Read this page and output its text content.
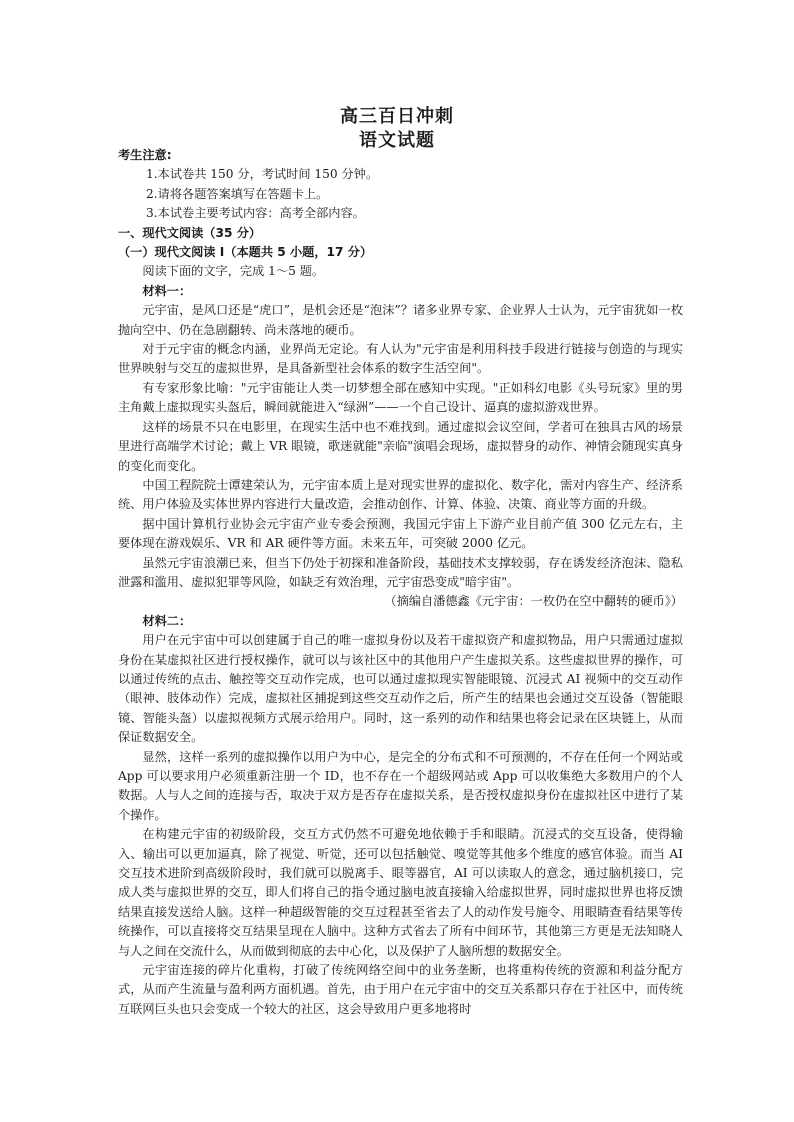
高三百日冲刺
语文试题

考生注意:

1.本试卷共 150 分，考试时间 150 分钟。

2.请将各题答案填写在答题卡上。

3.本试卷主要考试内容：高考全部内容。

一、现代文阅读（35 分）

（一）现代文阅读 I（本题共 5 小题，17 分）

阅读下面的文字，完成 1～5 题。

材料一：

元宇宙，是风口还是“虎口”，是机会还是“泡沫”？诸多业界专家、企业界人士认为，元宇宙犹如一枚抛向空中、仍在急剧翻转、尚未落地的硬币。

对于元宇宙的概念内涵，业界尚无定论。有人认为"元宇宙是利用科技手段进行链接与创造的与现实世界映射与交互的虚拟世界，是具备新型社会体系的数字生活空间"。

有专家形象比喻："元宇宙能让人类一切梦想全部在感知中实现。"正如科幻电影《头号玩家》里的男主角戴上虚拟现实头盔后，瞬间就能进入“绿洲”——一个自己设计、逼真的虚拟游戏世界。

这样的场景不只在电影里，在现实生活中也不难找到。通过虚拟会议空间，学者可在独具古风的场景里进行高端学术讨论；戴上 VR 眼镜，歌迷就能"亲临"演唱会现场，虚拟替身的动作、神情会随现实真身的变化而变化。

中国工程院院士谭建荣认为，元宇宙本质上是对现实世界的虚拟化、数字化，需对内容生产、经济系统、用户体验及实体世界内容进行大量改造，会推动创作、计算、体验、决策、商业等方面的升级。

据中国计算机行业协会元宇宙产业专委会预测，我国元宇宙上下游产业目前产值 300 亿元左右，主要体现在游戏娱乐、VR 和 AR 硬件等方面。未来五年，可突破 2000 亿元。

虽然元宇宙浪潮已来，但当下仍处于初探和准备阶段，基础技术支撑较弱，存在诱发经济泡沫、隐私泄露和滥用、虚拟犯罪等风险，如缺乏有效治理，元宇宙恐变成"暗宇宙"。

（摘编自潘德鑫《元宇宙：一枚仍在空中翻转的硬币》）

材料二：

用户在元宇宙中可以创建属于自己的唯一虚拟身份以及若干虚拟资产和虚拟物品，用户只需通过虚拟身份在某虚拟社区进行授权操作，就可以与该社区中的其他用户产生虚拟关系。这些虚拟世界的操作，可以通过传统的点击、触控等交互动作完成，也可以通过虚拟现实智能眼镜、沉浸式 AI 视频中的交互动作（眼神、肢体动作）完成，虚拟社区捕捉到这些交互动作之后，所产生的结果也会通过交互设备（智能眼镜、智能头盔）以虚拟视频方式展示给用户。同时，这一系列的动作和结果也将会记录在区块链上，从而保证数据安全。

显然，这样一系列的虚拟操作以用户为中心，是完全的分布式和不可预测的，不存在任何一个网站或 App 可以要求用户必须重新注册一个 ID，也不存在一个超级网站或 App 可以收集绝大多数用户的个人数据。人与人之间的连接与否，取决于双方是否存在虚拟关系，是否授权虚拟身份在虚拟社区中进行了某个操作。

在构建元宇宙的初级阶段，交互方式仍然不可避免地依赖于手和眼睛。沉浸式的交互设备，使得输入、输出可以更加逼真，除了视觉、听觉，还可以包括触觉、嗅觉等其他多个维度的感官体验。而当 AI 交互技术进阶到高级阶段时，我们就可以脱离手、眼等器官，AI 可以读取人的意念，通过脑机接口，完成人类与虚拟世界的交互，即人们将自己的指令通过脑电波直接输入给虚拟世界，同时虚拟世界也将反馈结果直接发送给人脑。这样一种超级智能的交互过程甚至省去了人的动作发号施令、用眼睛查看结果等传统操作，可以直接将交互结果呈现在人脑中。这种方式省去了所有中间环节，其他第三方更是无法知晓人与人之间在交流什么，从而做到彻底的去中心化，以及保护了人脑所想的数据安全。

元宇宙连接的碎片化重构，打破了传统网络空间中的业务垄断，也将重构传统的资源和利益分配方式，从而产生流量与盈利两方面机遇。首先，由于用户在元宇宙中的交互关系都只存在于社区中，而传统互联网巨头也只会变成一个较大的社区，这会导致用户更多地将时
